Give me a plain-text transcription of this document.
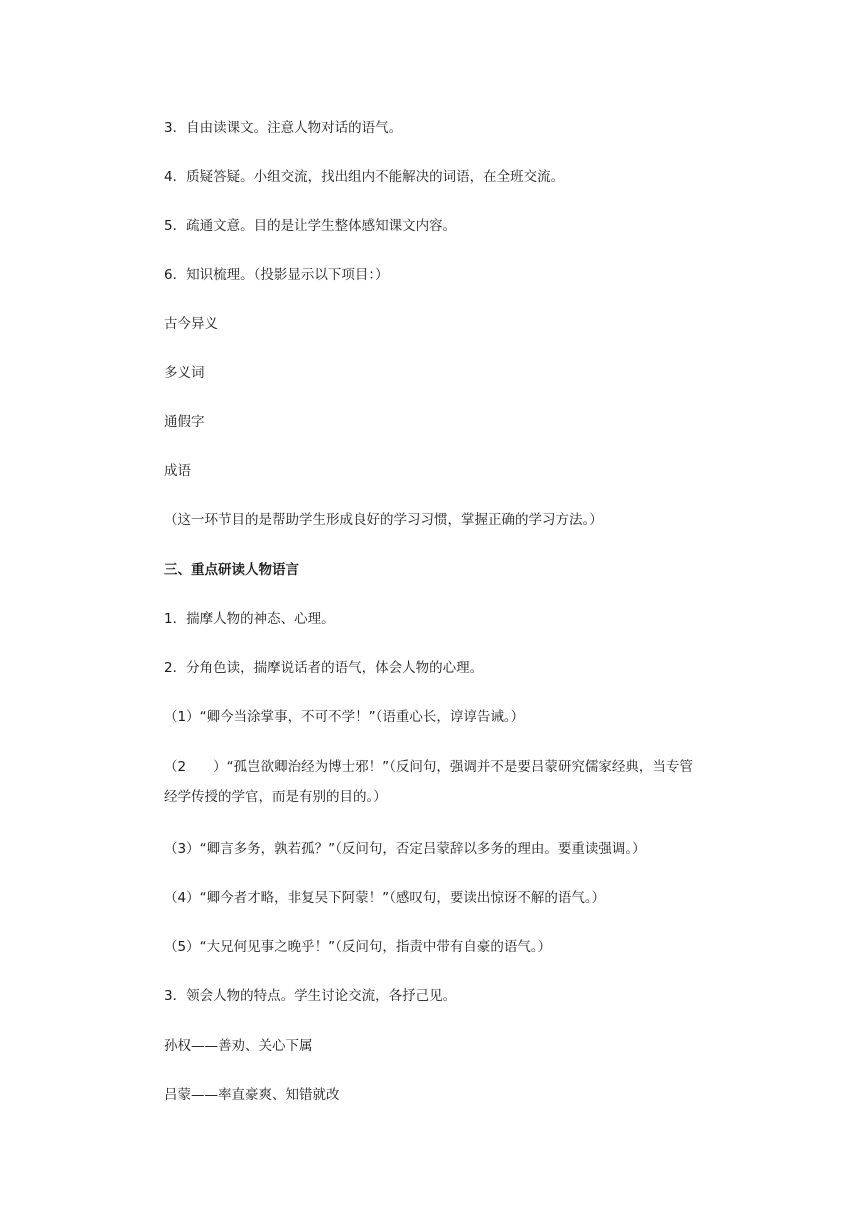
3．自由读课文。注意人物对话的语气。
4．质疑答疑。小组交流，找出组内不能解决的词语，在全班交流。
5．疏通文意。目的是让学生整体感知课文内容。
6．知识梳理。（投影显示以下项目：）
古今异义
多义词
通假字
成语
（这一环节目的是帮助学生形成良好的学习习惯，掌握正确的学习方法。）
三、重点研读人物语言
1．揣摩人物的神态、心理。
2．分角色读，揣摩说话者的语气，体会人物的心理。
（1）“卿今当涂掌事，不可不学！”（语重心长，谆谆告诫。）
（2　　）“孤岂欲卿治经为博士邪！”（反问句，强调并不是要吕蒙研究儒家经典，当专管
经学传授的学官，而是有别的目的。）
（3）“卿言多务，孰若孤？”（反问句，否定吕蒙辞以多务的理由。要重读强调。）
（4）“卿今者才略，非复吴下阿蒙！”（感叹句，要读出惊讶不解的语气。）
（5）“大兄何见事之晚乎！”（反问句，指责中带有自豪的语气。）
3．领会人物的特点。学生讨论交流，各抒己见。
孙权——善劝、关心下属
吕蒙——率直豪爽、知错就改
